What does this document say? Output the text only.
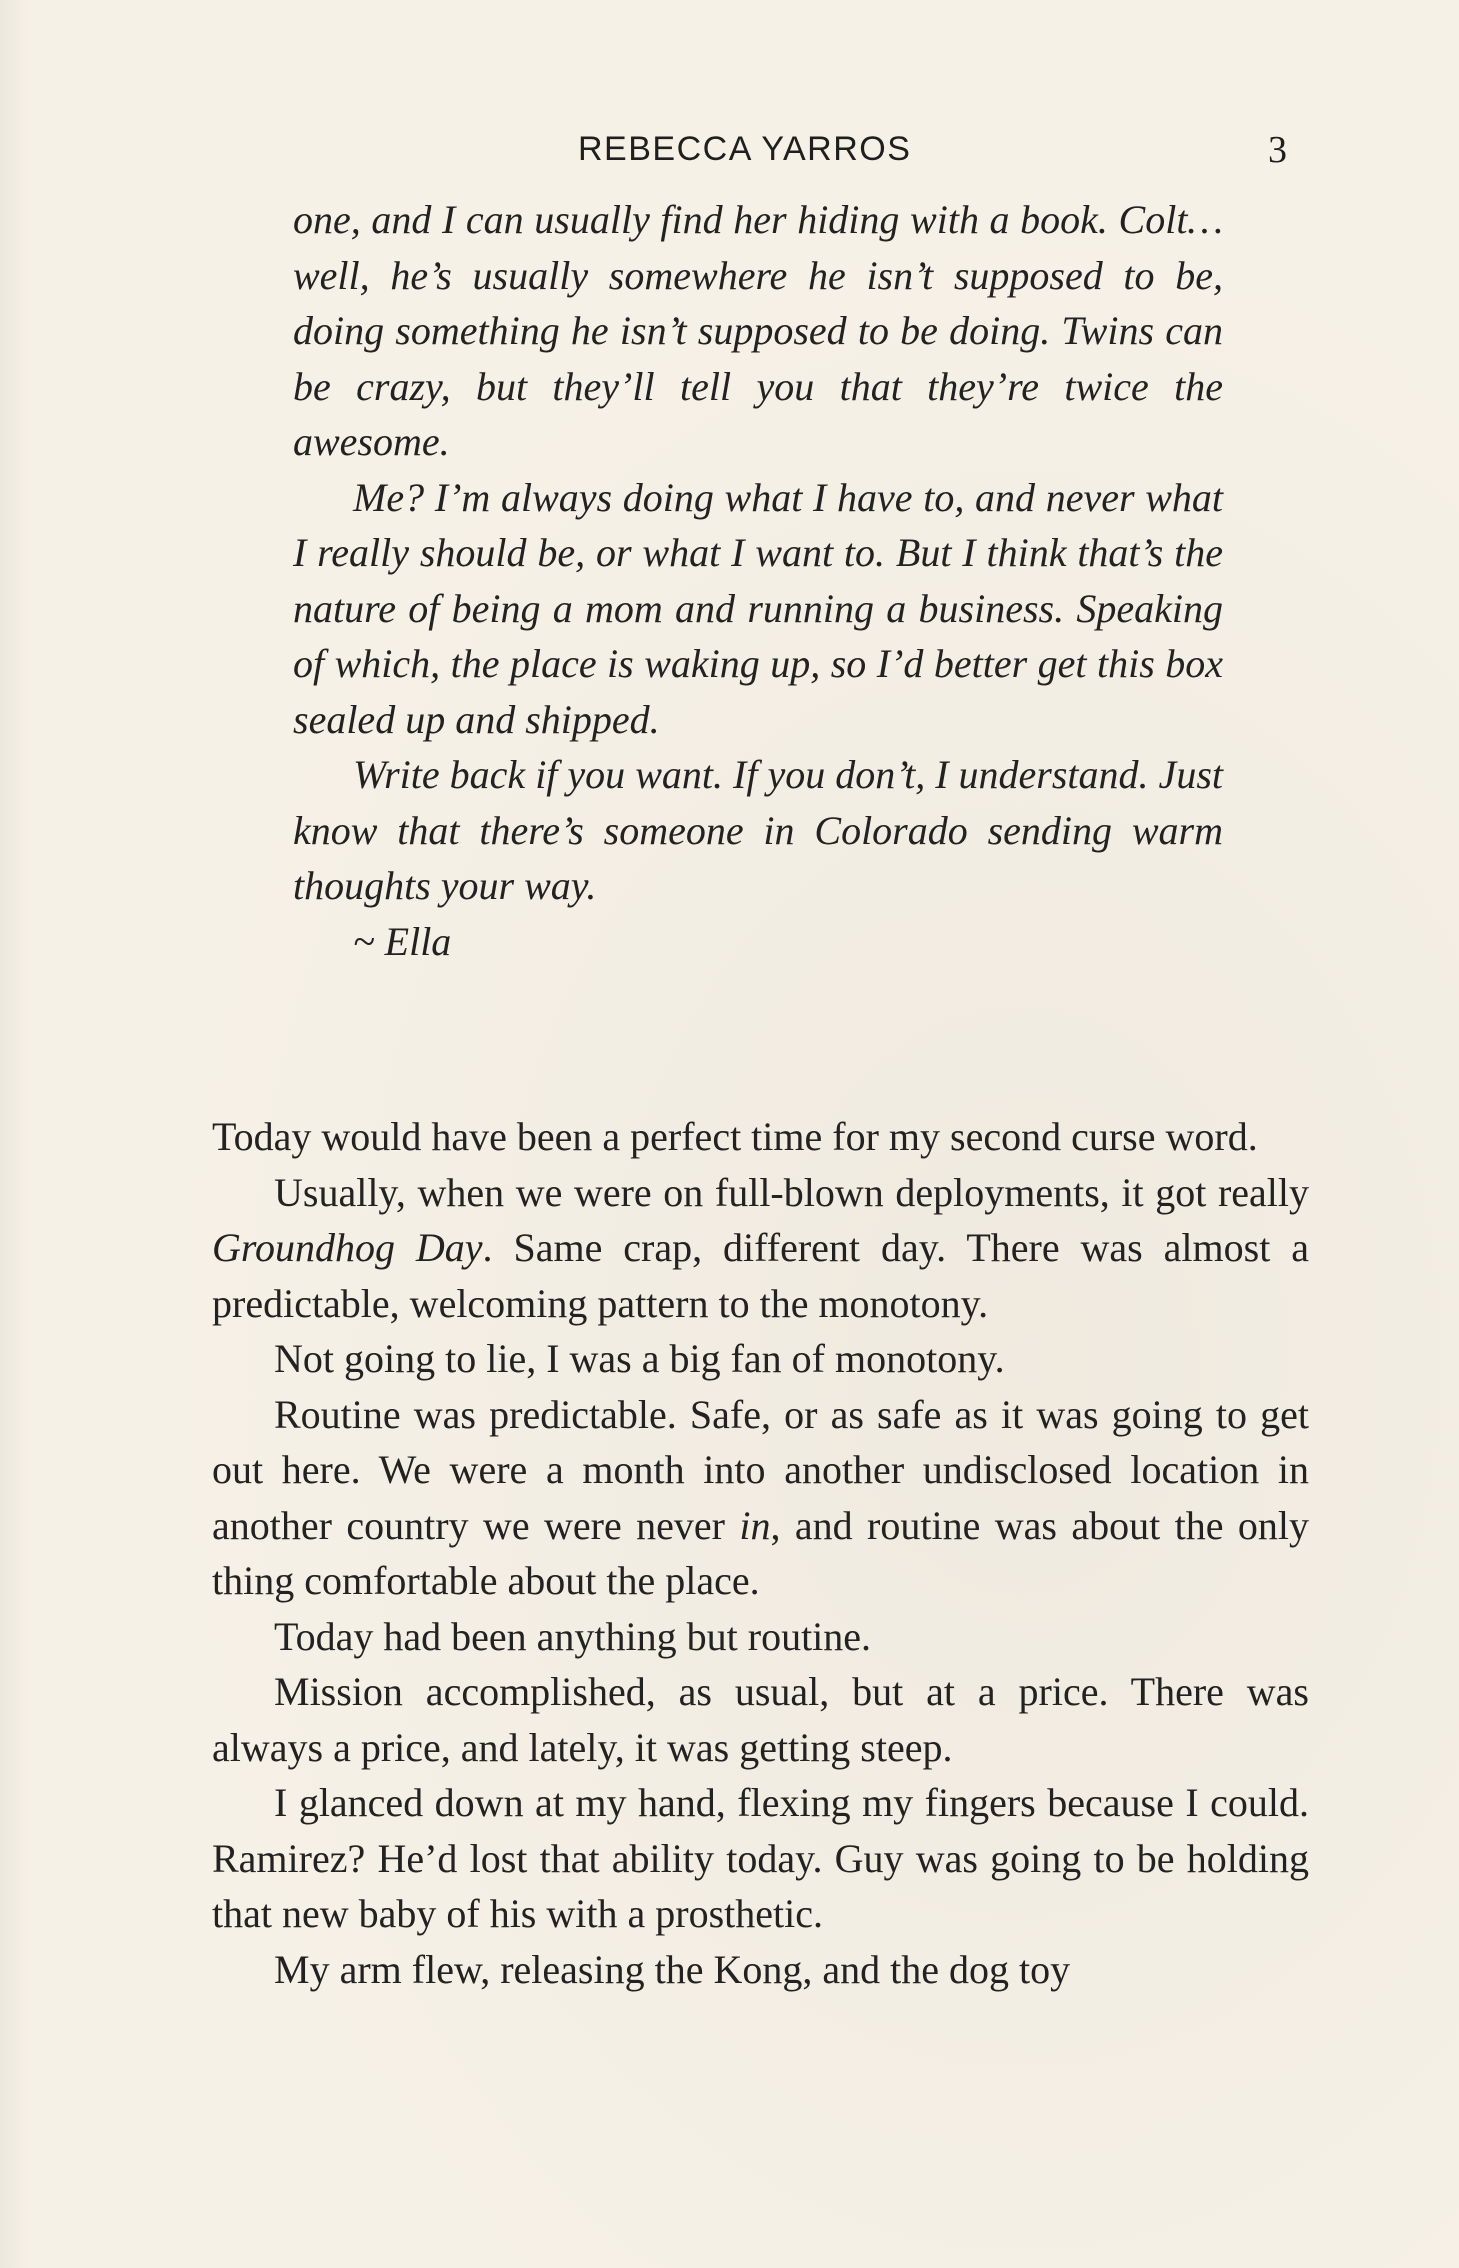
REBECCA YARROS	3

one, and I can usually find her hiding with a book. Colt…well, he’s usually somewhere he isn’t supposed to be, doing something he isn’t supposed to be doing. Twins can be crazy, but they’ll tell you that they’re twice the awesome.

Me? I’m always doing what I have to, and never what I really should be, or what I want to. But I think that’s the nature of being a mom and running a business. Speaking of which, the place is waking up, so I’d better get this box sealed up and shipped.

Write back if you want. If you don’t, I understand. Just know that there’s someone in Colorado sending warm thoughts your way.

~ Ella

Today would have been a perfect time for my second curse word.

Usually, when we were on full-blown deployments, it got really Groundhog Day. Same crap, different day. There was almost a predictable, welcoming pattern to the monotony.

Not going to lie, I was a big fan of monotony.

Routine was predictable. Safe, or as safe as it was going to get out here. We were a month into another undisclosed location in another country we were never in, and routine was about the only thing comfortable about the place.

Today had been anything but routine.

Mission accomplished, as usual, but at a price. There was always a price, and lately, it was getting steep.

I glanced down at my hand, flexing my fingers because I could. Ramirez? He’d lost that ability today. Guy was going to be holding that new baby of his with a prosthetic.

My arm flew, releasing the Kong, and the dog toy
